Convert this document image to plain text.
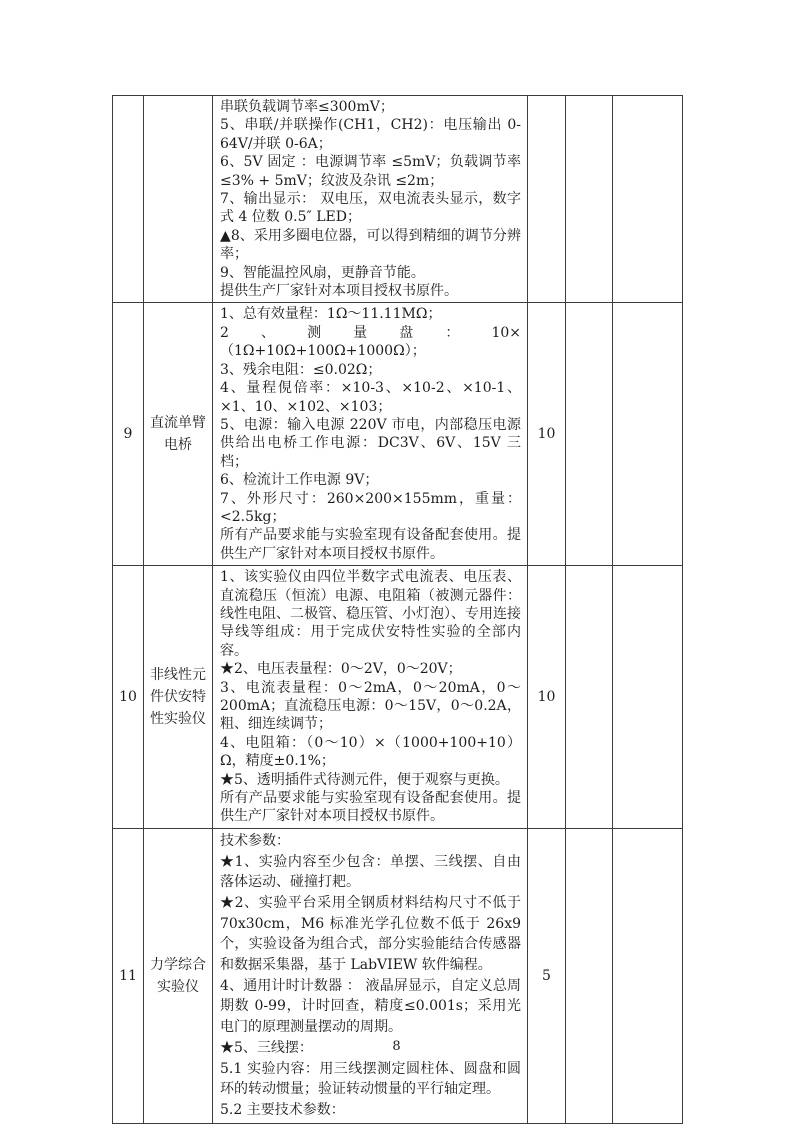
串联负载调节率≤300mV；

5、串联/并联操作(CH1，CH2)：电压输出 0-64V/并联 0-6A；

6、5V 固定 ：电源调节率 ≤5mV；负载调节率 ≤3% + 5mV；纹波及杂讯 ≤2m；

7、输出显示： 双电压，双电流表头显示，数字式 4 位数 0.5″ LED；

▲8、采用多圈电位器，可以得到精细的调节分辨率；

9、智能温控风扇，更静音节能。

提供生产厂家针对本项目授权书原件。

9	直流单臂电桥	

1、总有效量程：1Ω～11.11MΩ；

2、测量盘：10×（1Ω+10Ω+100Ω+1000Ω）；

3、残余电阻：≤0.02Ω；

4、量程俔倍率：×10-3、×10-2、×10-1、×1、10、×102、×103；

5、电源：输入电源 220V 市电，内部稳压电源供给出电桥工作电源：DC3V、6V、15V 三档；

6、检流计工作电源 9V；

7、外形尺寸：260×200×155mm，重量：<2.5kg；

所有产品要求能与实验室现有设备配套使用。提供生产厂家针对本项目授权书原件。

	10		
10	非线性元件伏安特性实验仪	

1、该实验仪由四位半数字式电流表、电压表、直流稳压（恒流）电源、电阻箱（被测元器件：线性电阻、二极管、稳压管、小灯泡）、专用连接导线等组成：用于完成伏安特性实验的全部内容。

★2、电压表量程：0～2V，0～20V；

3、电流表量程：0～2mA，0～20mA，0～200mA；直流稳压电源：0～15V，0～0.2A，粗、细连续调节；

4、电阻箱：（0～10）×（1000+100+10）Ω，精度±0.1%；

★5、透明插件式待测元件，便于观察与更换。

所有产品要求能与实验室现有设备配套使用。提供生产厂家针对本项目授权书原件。

	10		
11	力学综合实验仪	

技术参数：

★1、实验内容至少包含：单摆、三线摆、自由落体运动、碰撞打耙。

★2、实验平台采用全钢质材料结构尺寸不低于 70x30cm，M6 标准光学孔位数不低于 26x9 个，实验设备为组合式，部分实验能结合传感器和数据采集器，基于 LabVIEW 软件编程。

4、通用计时计数器 ： 液晶屏显示，自定义总周期数 0-99，计时回查，精度≤0.001s；采用光电门的原理测量摆动的周期。

★5、三线摆：

5.1 实验内容：用三线摆测定圆柱体、圆盘和圆环的转动惯量；验证转动惯量的平行轴定理。

5.2 主要技术参数：

	5		
8
